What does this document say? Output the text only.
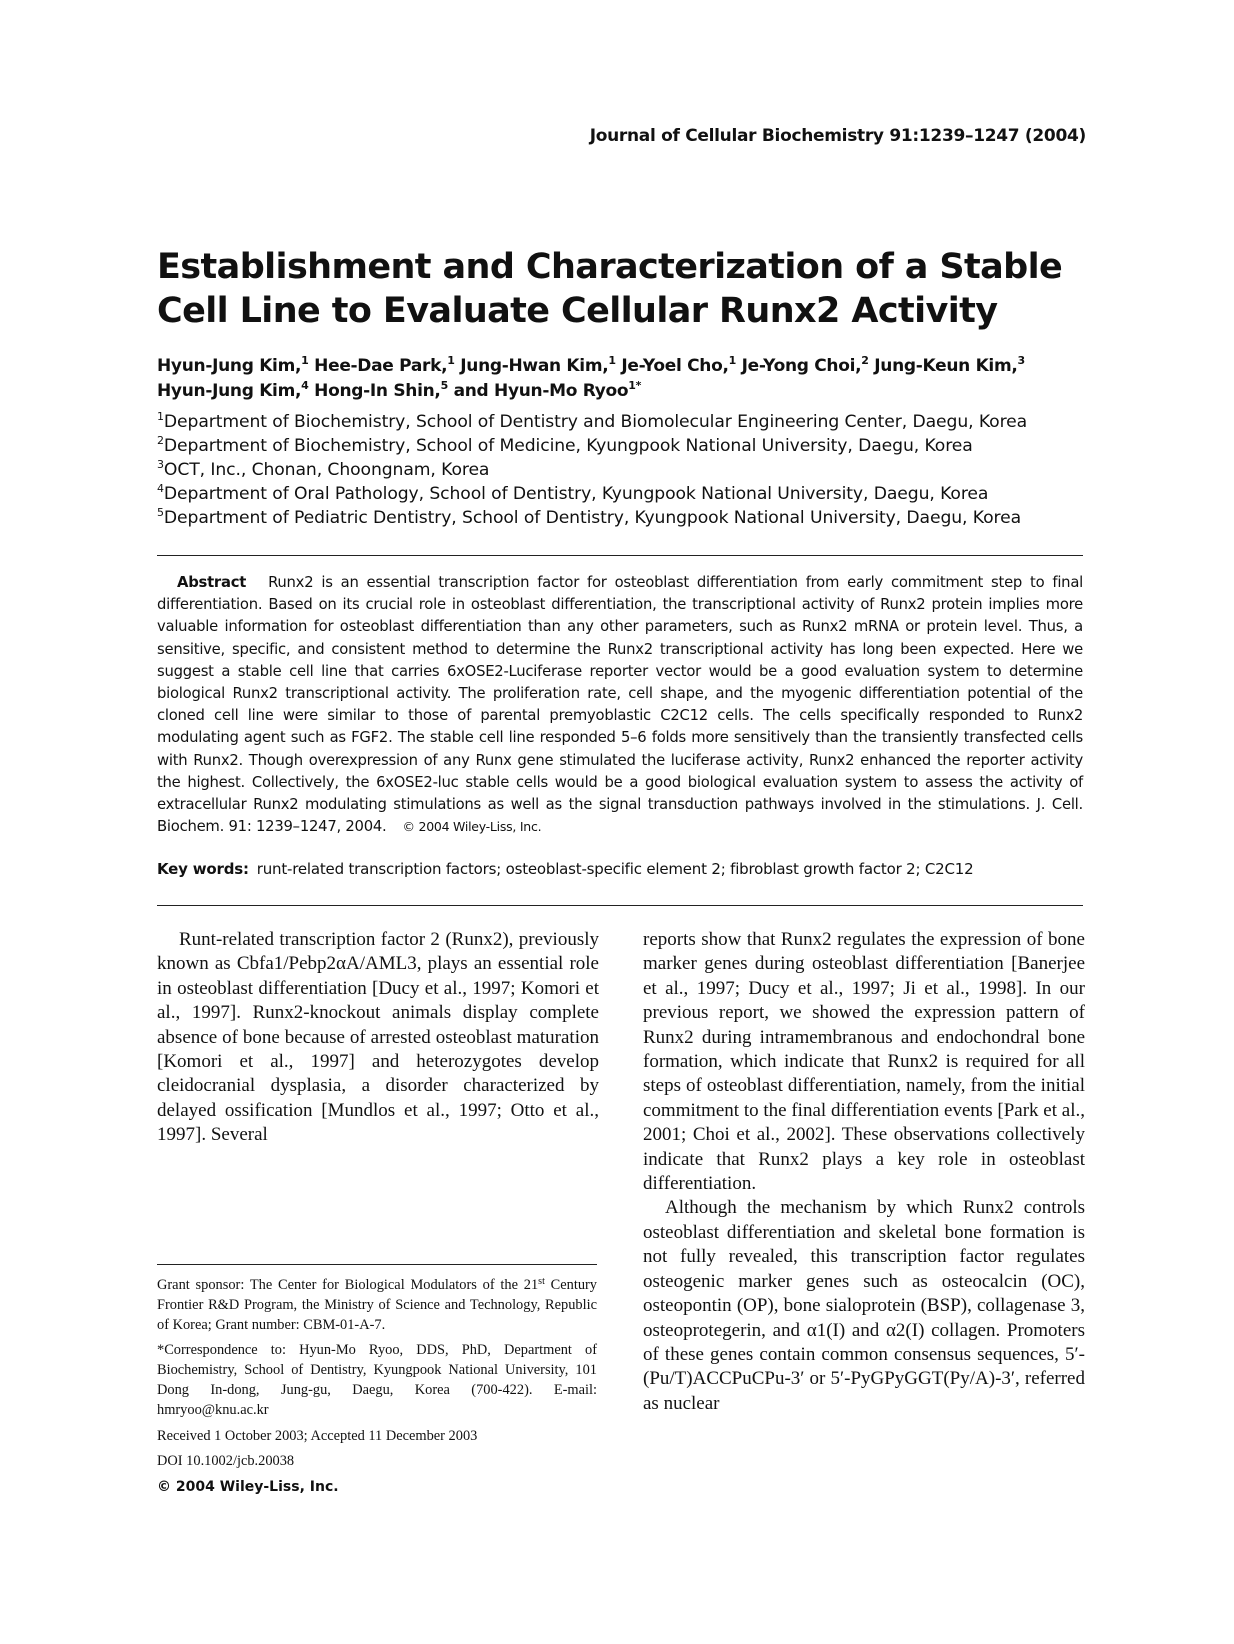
Journal of Cellular Biochemistry 91:1239–1247 (2004)
Establishment and Characterization of a Stable Cell Line to Evaluate Cellular Runx2 Activity
Hyun-Jung Kim,$^1$ Hee-Dae Park,$^1$ Jung-Hwan Kim,$^1$ Je-Yoel Cho,$^1$ Je-Yong Choi,$^2$ Jung-Keun Kim,$^3$
Hyun-Jung Kim,$^4$ Hong-In Shin,$^5$ and Hyun-Mo Ryoo$^{1*}$
$^1$Department of Biochemistry, School of Dentistry and Biomolecular Engineering Center, Daegu, Korea
$^2$Department of Biochemistry, School of Medicine, Kyungpook National University, Daegu, Korea
$^3$OCT, Inc., Chonan, Choongnam, Korea
$^4$Department of Oral Pathology, School of Dentistry, Kyungpook National University, Daegu, Korea
$^5$Department of Pediatric Dentistry, School of Dentistry, Kyungpook National University, Daegu, Korea
Abstract Runx2 is an essential transcription factor for osteoblast differentiation from early commitment step to final differentiation. Based on its crucial role in osteoblast differentiation, the transcriptional activity of Runx2 protein implies more valuable information for osteoblast differentiation than any other parameters, such as Runx2 mRNA or protein level. Thus, a sensitive, specific, and consistent method to determine the Runx2 transcriptional activity has long been expected. Here we suggest a stable cell line that carries 6xOSE2-Luciferase reporter vector would be a good evaluation system to determine biological Runx2 transcriptional activity. The proliferation rate, cell shape, and the myogenic differentiation potential of the cloned cell line were similar to those of parental premyoblastic C2C12 cells. The cells specifically responded to Runx2 modulating agent such as FGF2. The stable cell line responded 5–6 folds more sensitively than the transiently transfected cells with Runx2. Though overexpression of any Runx gene stimulated the luciferase activity, Runx2 enhanced the reporter activity the highest. Collectively, the 6xOSE2-luc stable cells would be a good biological evaluation system to assess the activity of extracellular Runx2 modulating stimulations as well as the signal transduction pathways involved in the stimulations. J. Cell. Biochem. 91: 1239–1247, 2004. © 2004 Wiley-Liss, Inc.
Key words: runt-related transcription factors; osteoblast-specific element 2; fibroblast growth factor 2; C2C12

Runt-related transcription factor 2 (Runx2), previously known as Cbfa1/Pebp2αA/AML3, plays an essential role in osteoblast differentiation [Ducy et al., 1997; Komori et al., 1997]. Runx2-knockout animals display complete absence of bone because of arrested osteoblast maturation [Komori et al., 1997] and heterozygotes develop cleidocranial dysplasia, a disorder characterized by delayed ossification [Mundlos et al., 1997; Otto et al., 1997]. Several

reports show that Runx2 regulates the expression of bone marker genes during osteoblast differentiation [Banerjee et al., 1997; Ducy et al., 1997; Ji et al., 1998]. In our previous report, we showed the expression pattern of Runx2 during intramembranous and endochondral bone formation, which indicate that Runx2 is required for all steps of osteoblast differentiation, namely, from the initial commitment to the final differentiation events [Park et al., 2001; Choi et al., 2002]. These observations collectively indicate that Runx2 plays a key role in osteoblast differentiation.

Although the mechanism by which Runx2 controls osteoblast differentiation and skeletal bone formation is not fully revealed, this transcription factor regulates osteogenic marker genes such as osteocalcin (OC), osteopontin (OP), bone sialoprotein (BSP), collagenase 3, osteoprotegerin, and α1(I) and α2(I) collagen. Promoters of these genes contain common consensus sequences, 5′-(Pu/T)ACCPuCPu-3′ or 5′-PyGPyGGT(Py/A)-3′, referred as nuclear

Grant sponsor: The Center for Biological Modulators of the 21st Century Frontier R&D Program, the Ministry of Science and Technology, Republic of Korea; Grant number: CBM-01-A-7.

*Correspondence to: Hyun-Mo Ryoo, DDS, PhD, Department of Biochemistry, School of Dentistry, Kyungpook National University, 101 Dong In-dong, Jung-gu, Daegu, Korea (700-422). E-mail: hmryoo@knu.ac.kr

Received 1 October 2003; Accepted 11 December 2003

DOI 10.1002/jcb.20038

© 2004 Wiley-Liss, Inc.
